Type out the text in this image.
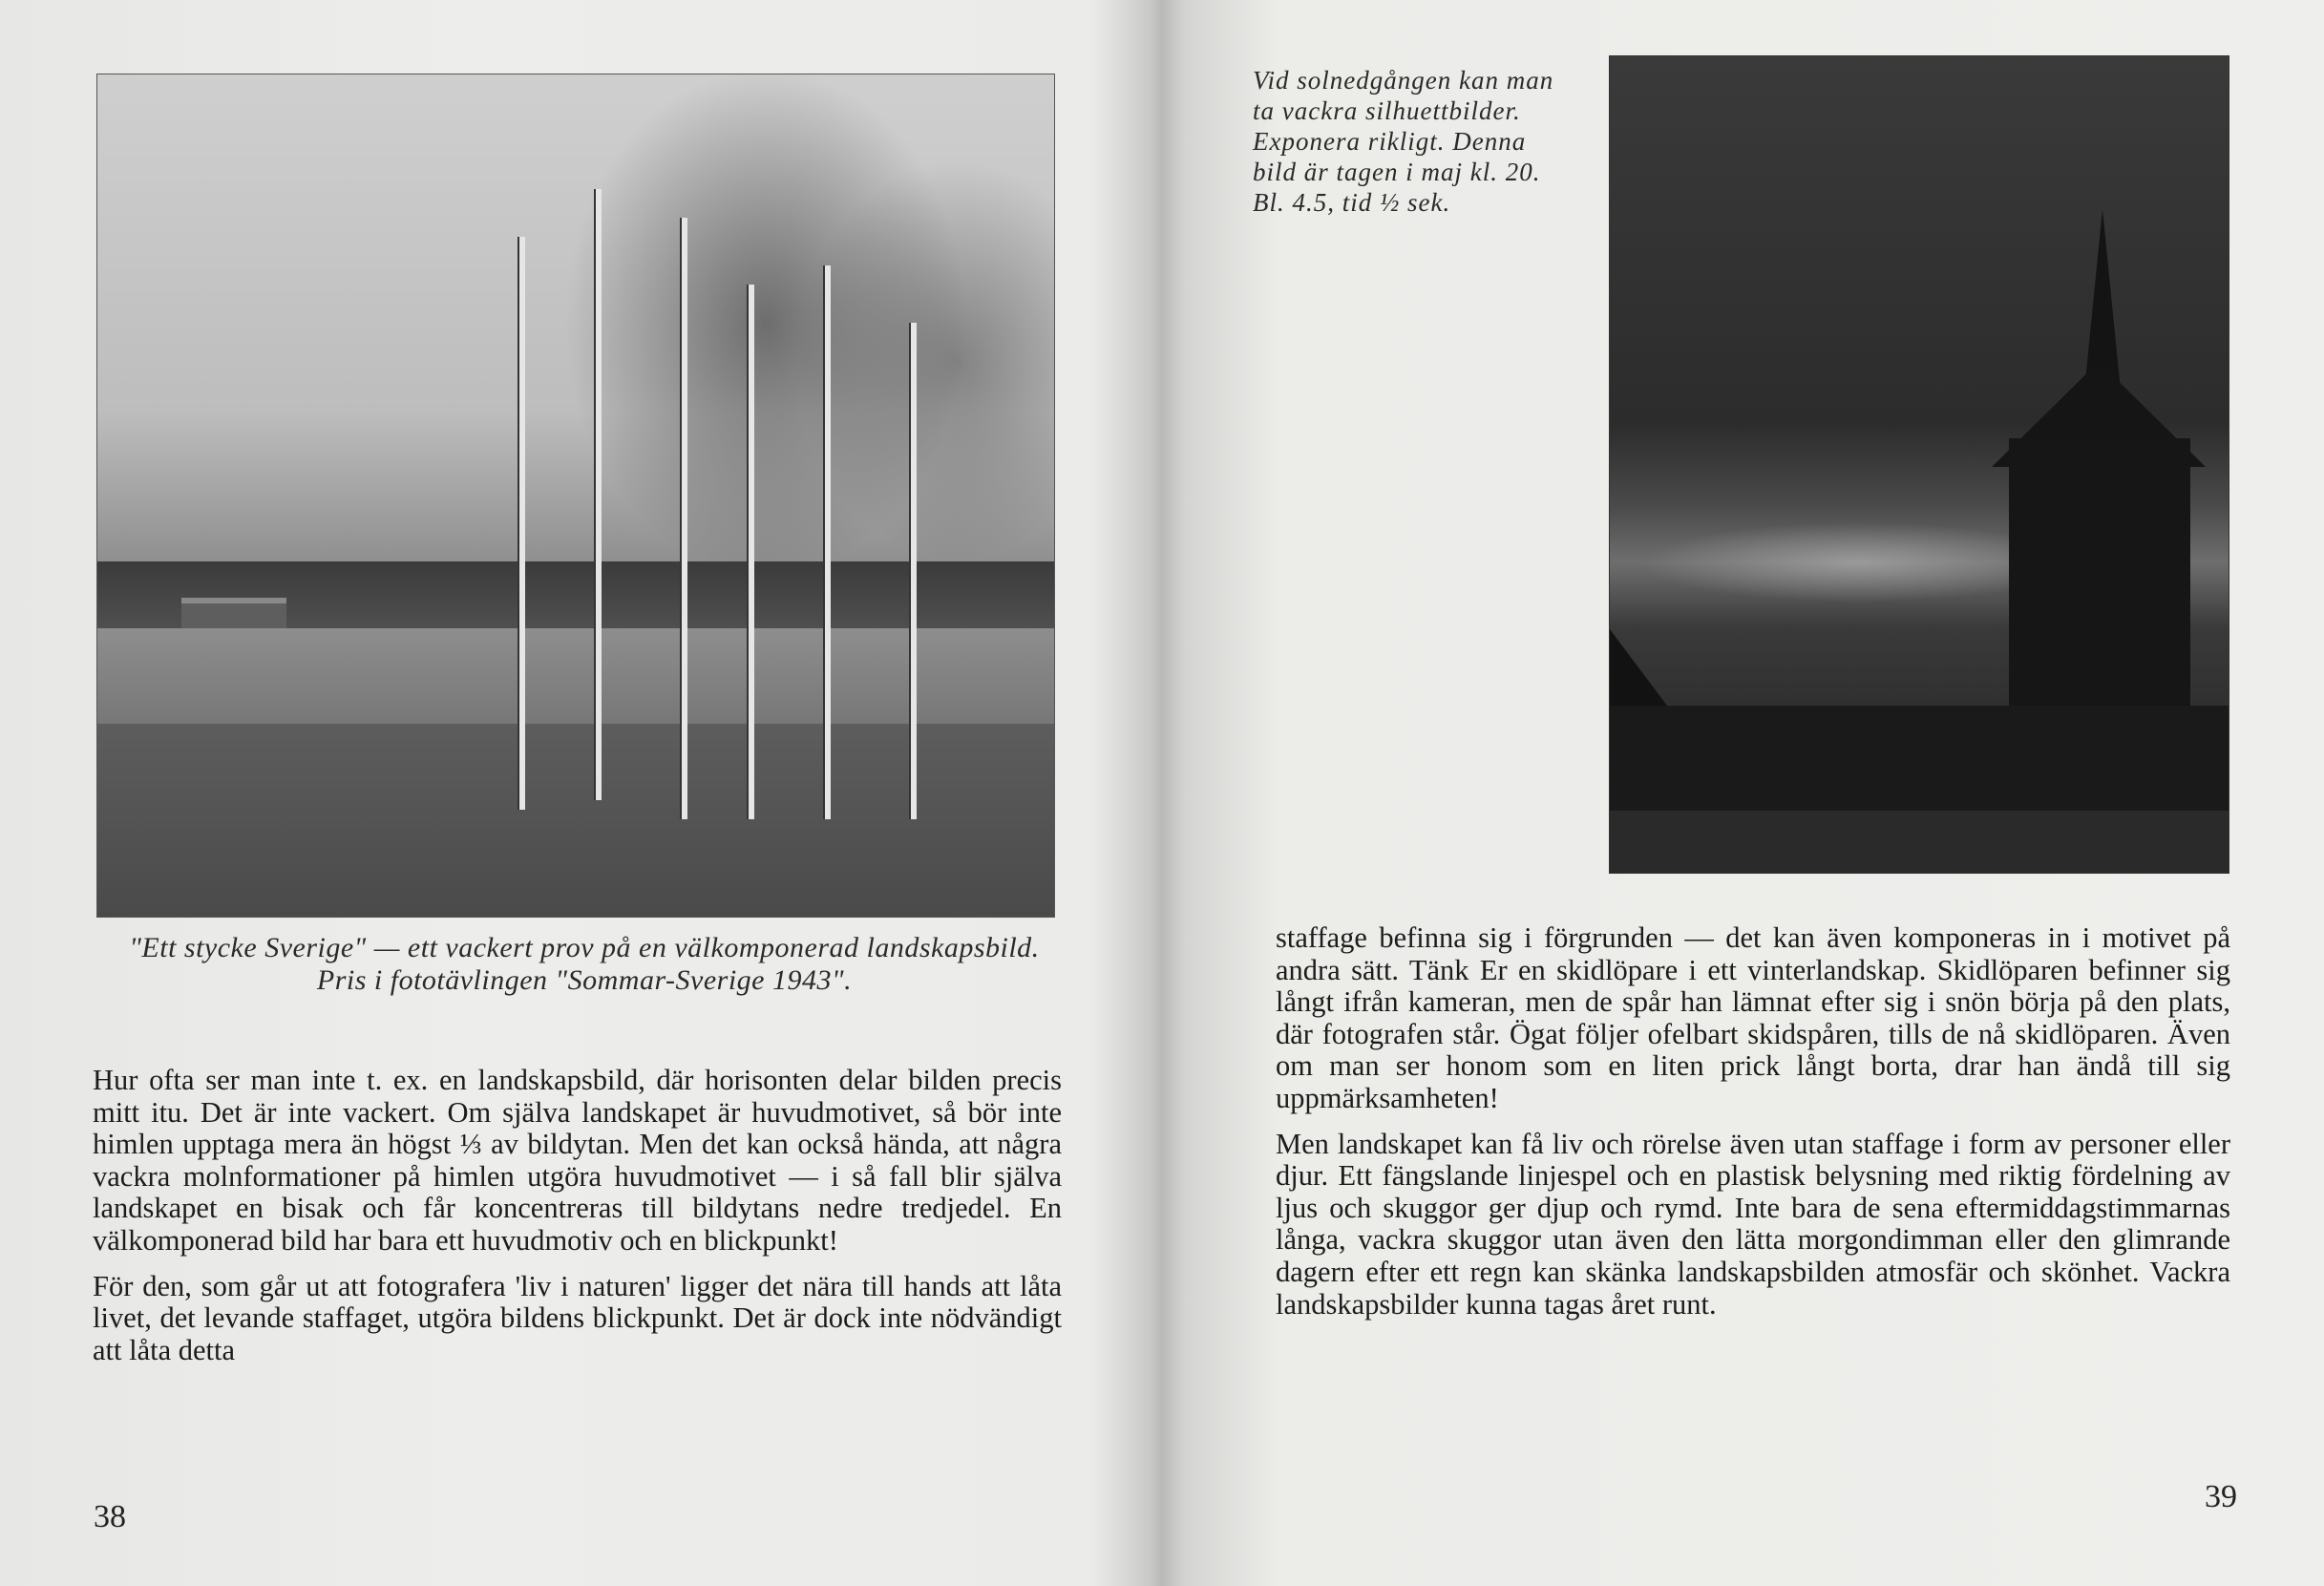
"Ett stycke Sverige" — ett vackert prov på en välkomponerad landskapsbild. Pris i fototävlingen "Sommar-Sverige 1943".

Hur ofta ser man inte t. ex. en landskapsbild, där horisonten delar bilden precis mitt itu. Det är inte vackert. Om själva landskapet är huvudmotivet, så bör inte himlen upptaga mera än högst ⅓ av bildytan. Men det kan också hända, att några vackra molnformationer på himlen utgöra huvudmotivet — i så fall blir själva landskapet en bisak och får koncentreras till bildytans nedre tredjedel. En välkomponerad bild har bara ett huvudmotiv och en blickpunkt!

För den, som går ut att fotografera 'liv i naturen' ligger det nära till hands att låta livet, det levande staffaget, utgöra bildens blickpunkt. Det är dock inte nödvändigt att låta detta

38
Vid solnedgången kan man ta vackra silhuettbilder. Exponera rikligt. Denna bild är tagen i maj kl. 20. Bl. 4.5, tid ½ sek.

staffage befinna sig i förgrunden — det kan även komponeras in i motivet på andra sätt. Tänk Er en skidlöpare i ett vinterlandskap. Skidlöparen befinner sig långt ifrån kameran, men de spår han lämnat efter sig i snön börja på den plats, där fotografen står. Ögat följer ofelbart skidspåren, tills de nå skidlöparen. Även om man ser honom som en liten prick långt borta, drar han ändå till sig uppmärksamheten!

Men landskapet kan få liv och rörelse även utan staffage i form av personer eller djur. Ett fängslande linjespel och en plastisk belysning med riktig fördelning av ljus och skuggor ger djup och rymd. Inte bara de sena eftermiddagstimmarnas långa, vackra skuggor utan även den lätta morgondimman eller den glimrande dagern efter ett regn kan skänka landskapsbilden atmosfär och skönhet. Vackra landskapsbilder kunna tagas året runt.

39
